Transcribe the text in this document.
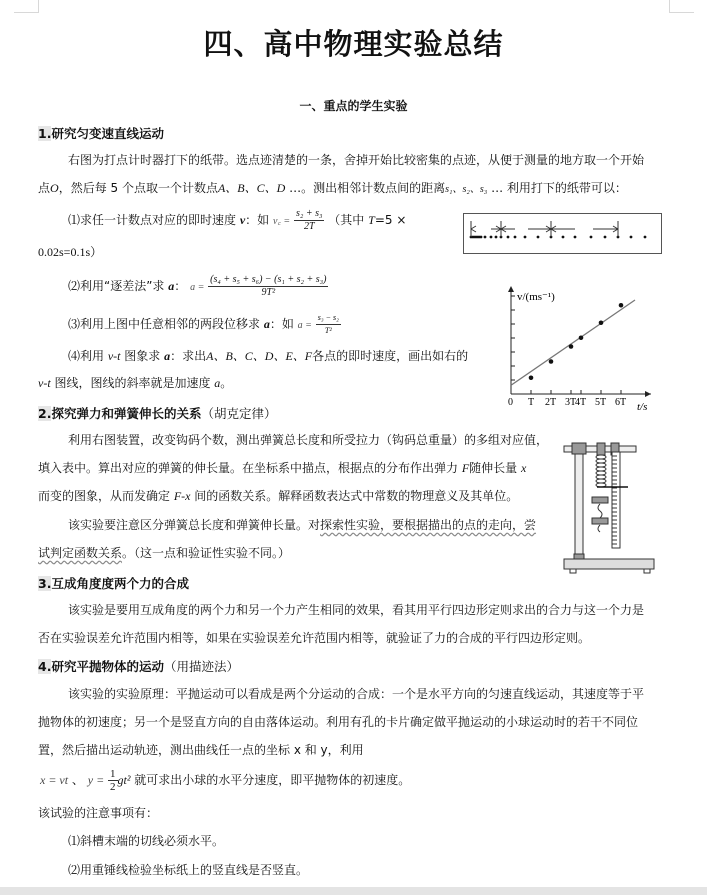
四、高中物理实验总结
一、重点的学生实验
1.研究匀变速直线运动
右图为打点计时器打下的纸带。选点迹清楚的一条，舍掉开始比较密集的点迹，从便于测量的地方取一个开始
点O，然后每 5 个点取一个计数点A、B、C、D …。测出相邻计数点间的距离s₁、s₂、s₃ … 利用打下的纸带可以：
⑴求任一计数点对应的即时速度 v：如 v꜀ = $\frac{\text{s₂ + s₃}}{2T}$ （其中 T=5 ×
0.02s=0.1s）
⑵利用“逐差法”求 a： $a = \frac{\text{(s₄ + s₅ + s₆) − (s₁ + s₂ + s₃)}}{\text{9T²}}$
⑶利用上图中任意相邻的两段位移求 a：如 $a = \frac{\text{s₃ − s₂}}{\text{T²}}$
⑷利用 v-t 图象求 a：求出A、B、C、D、E、F各点的即时速度，画出如右的
v-t 图线，图线的斜率就是加速度 a。
v/(ms⁻¹)
t/s
0 T 2T 3T
4T 5T 6T
2.探究弹力和弹簧伸长的关系（胡克定律）
利用右图装置，改变钩码个数，测出弹簧总长度和所受拉力（钩码总重量）的多组对应值，
填入表中。算出对应的弹簧的伸长量。在坐标系中描点，根据点的分布作出弹力 F随伸长量 x
而变的图象，从而发确定 F-x 间的函数关系。解释函数表达式中常数的物理意义及其单位。
该实验要注意区分弹簧总长度和弹簧伸长量。对探索性实验，要根据描出的点的走向，尝
试判定函数关系。（这一点和验证性实验不同。）
3.互成角度度两个力的合成
该实验是要用互成角度的两个力和另一个力产生相同的效果，看其用平行四边形定则求出的合力与这一个力是
否在实验误差允许范围内相等，如果在实验误差允许范围内相等，就验证了力的合成的平行四边形定则。
4.研究平抛物体的运动（用描迹法）
该实验的实验原理：平抛运动可以看成是两个分运动的合成：一个是水平方向的匀速直线运动，其速度等于平
抛物体的初速度；另一个是竖直方向的自由落体运动。利用有孔的卡片确定做平抛运动的小球运动时的若干不同位
置，然后描出运动轨迹，测出曲线任一点的坐标 x 和 y，利用
x = vt 、 $y = \frac{1}{2} gt^2$ 就可求出小球的水平分速度，即平抛物体的初速度。
该试验的注意事项有：
⑴斜槽末端的切线必须水平。
⑵用重锤线检验坐标纸上的竖直线是否竖直。
